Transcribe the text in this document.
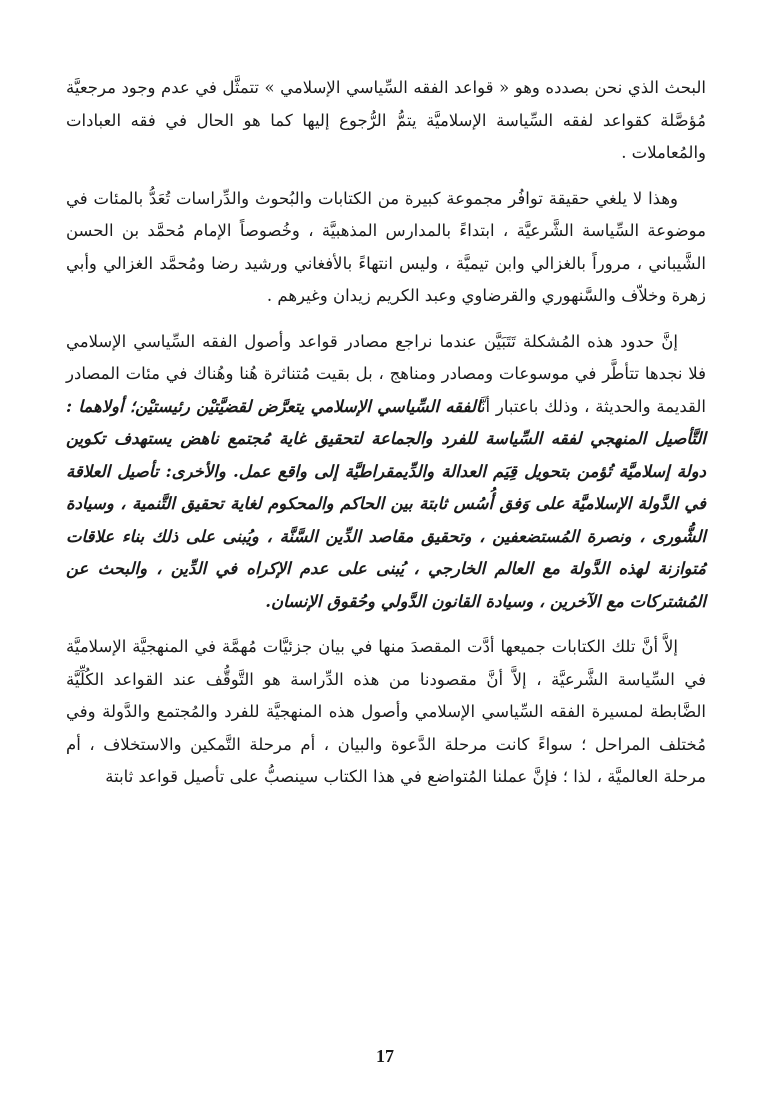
البحث الذي نحن بصدده وهو « قواعد الفقه السِّياسي الإسلامي » تتمثَّل في عدم وجود مرجعيَّة مُؤصَّلة كقواعد لفقه السِّياسة الإسلاميَّة يتمُّ الرُّجوع إليها كما هو الحال في فقه العبادات والمُعاملات .

وهذا لا يلغي حقيقة توافُر مجموعة كبيرة من الكتابات والبُحوث والدِّراسات تُعَدُّ بالمئات في موضوعة السِّياسة الشَّرعيَّة ، ابتداءً بالمدارس المذهبيَّة ، وخُصوصاً الإمام مُحمَّد بن الحسن الشَّيباني ، مروراً بالغزالي وابن تيميَّة ، وليس انتهاءً بالأفغاني ورشيد رضا ومُحمَّد الغزالي وأبي زهرة وخلاّف والسَّنهوري والقرضاوي وعبد الكريم زيدان وغيرهم .

إنَّ حدود هذه المُشكلة تَتَبَيَّن عندما نراجع مصادر قواعد وأصول الفقه السِّياسي الإسلامي فلا نجدها تتأطَّر في موسوعات ومصادر ومناهج ، بل بقيت مُتناثرة هُنا وهُناك في مئات المصادر القديمة والحديثة ، وذلك باعتبار أنَّالفقه السِّياسي الإسلامي يتعرَّض لقضيَّتيْن رئيستيْن؛ أولاهما : التَّأصيل المنهجي لفقه السِّياسة للفرد والجماعة لتحقيق غاية مُجتمع ناهض يستهدف تكوين دولة إسلاميَّة تُؤمن بتحويل قِيَم العدالة والدِّيمقراطيَّة إلى واقع عمل. والأخرى: تأصيل العلاقة في الدَّولة الإسلاميَّة على وَفق أُسُس ثابتة بين الحاكم والمحكوم لغاية تحقيق التَّنمية ، وسيادة الشُّورى ، ونصرة المُستضعفين ، وتحقيق مقاصد الدِّين السَّنَّة ، ويُبنى على ذلك بناء علاقات مُتوازنة لهذه الدَّولة مع العالم الخارجي ، يُبنى على عدم الإكراه في الدِّين ، والبحث عن المُشتركات مع الآخرين ، وسيادة القانون الدَّولي وحُقوق الإنسان.

إلاَّ أنَّ تلك الكتابات جميعها أدَّت المقصدَ منها في بيان جزئيَّات مُهمَّة في المنهجيَّة الإسلاميَّة في السِّياسة الشَّرعيَّة ، إلاَّ أنَّ مقصودنا من هذه الدِّراسة هو التَّوقُّف عند القواعد الكُلِّيَّة الضَّابطة لمسيرة الفقه السِّياسي الإسلامي وأصول هذه المنهجيَّة للفرد والمُجتمع والدَّولة وفي مُختلف المراحل ؛ سواءً كانت مرحلة الدَّعوة والبيان ، أم مرحلة التَّمكين والاستخلاف ، أم مرحلة العالميَّة ، لذا ؛ فإنَّ عملنا المُتواضع في هذا الكتاب سينصبُّ على تأصيل قواعد ثابتة

17
